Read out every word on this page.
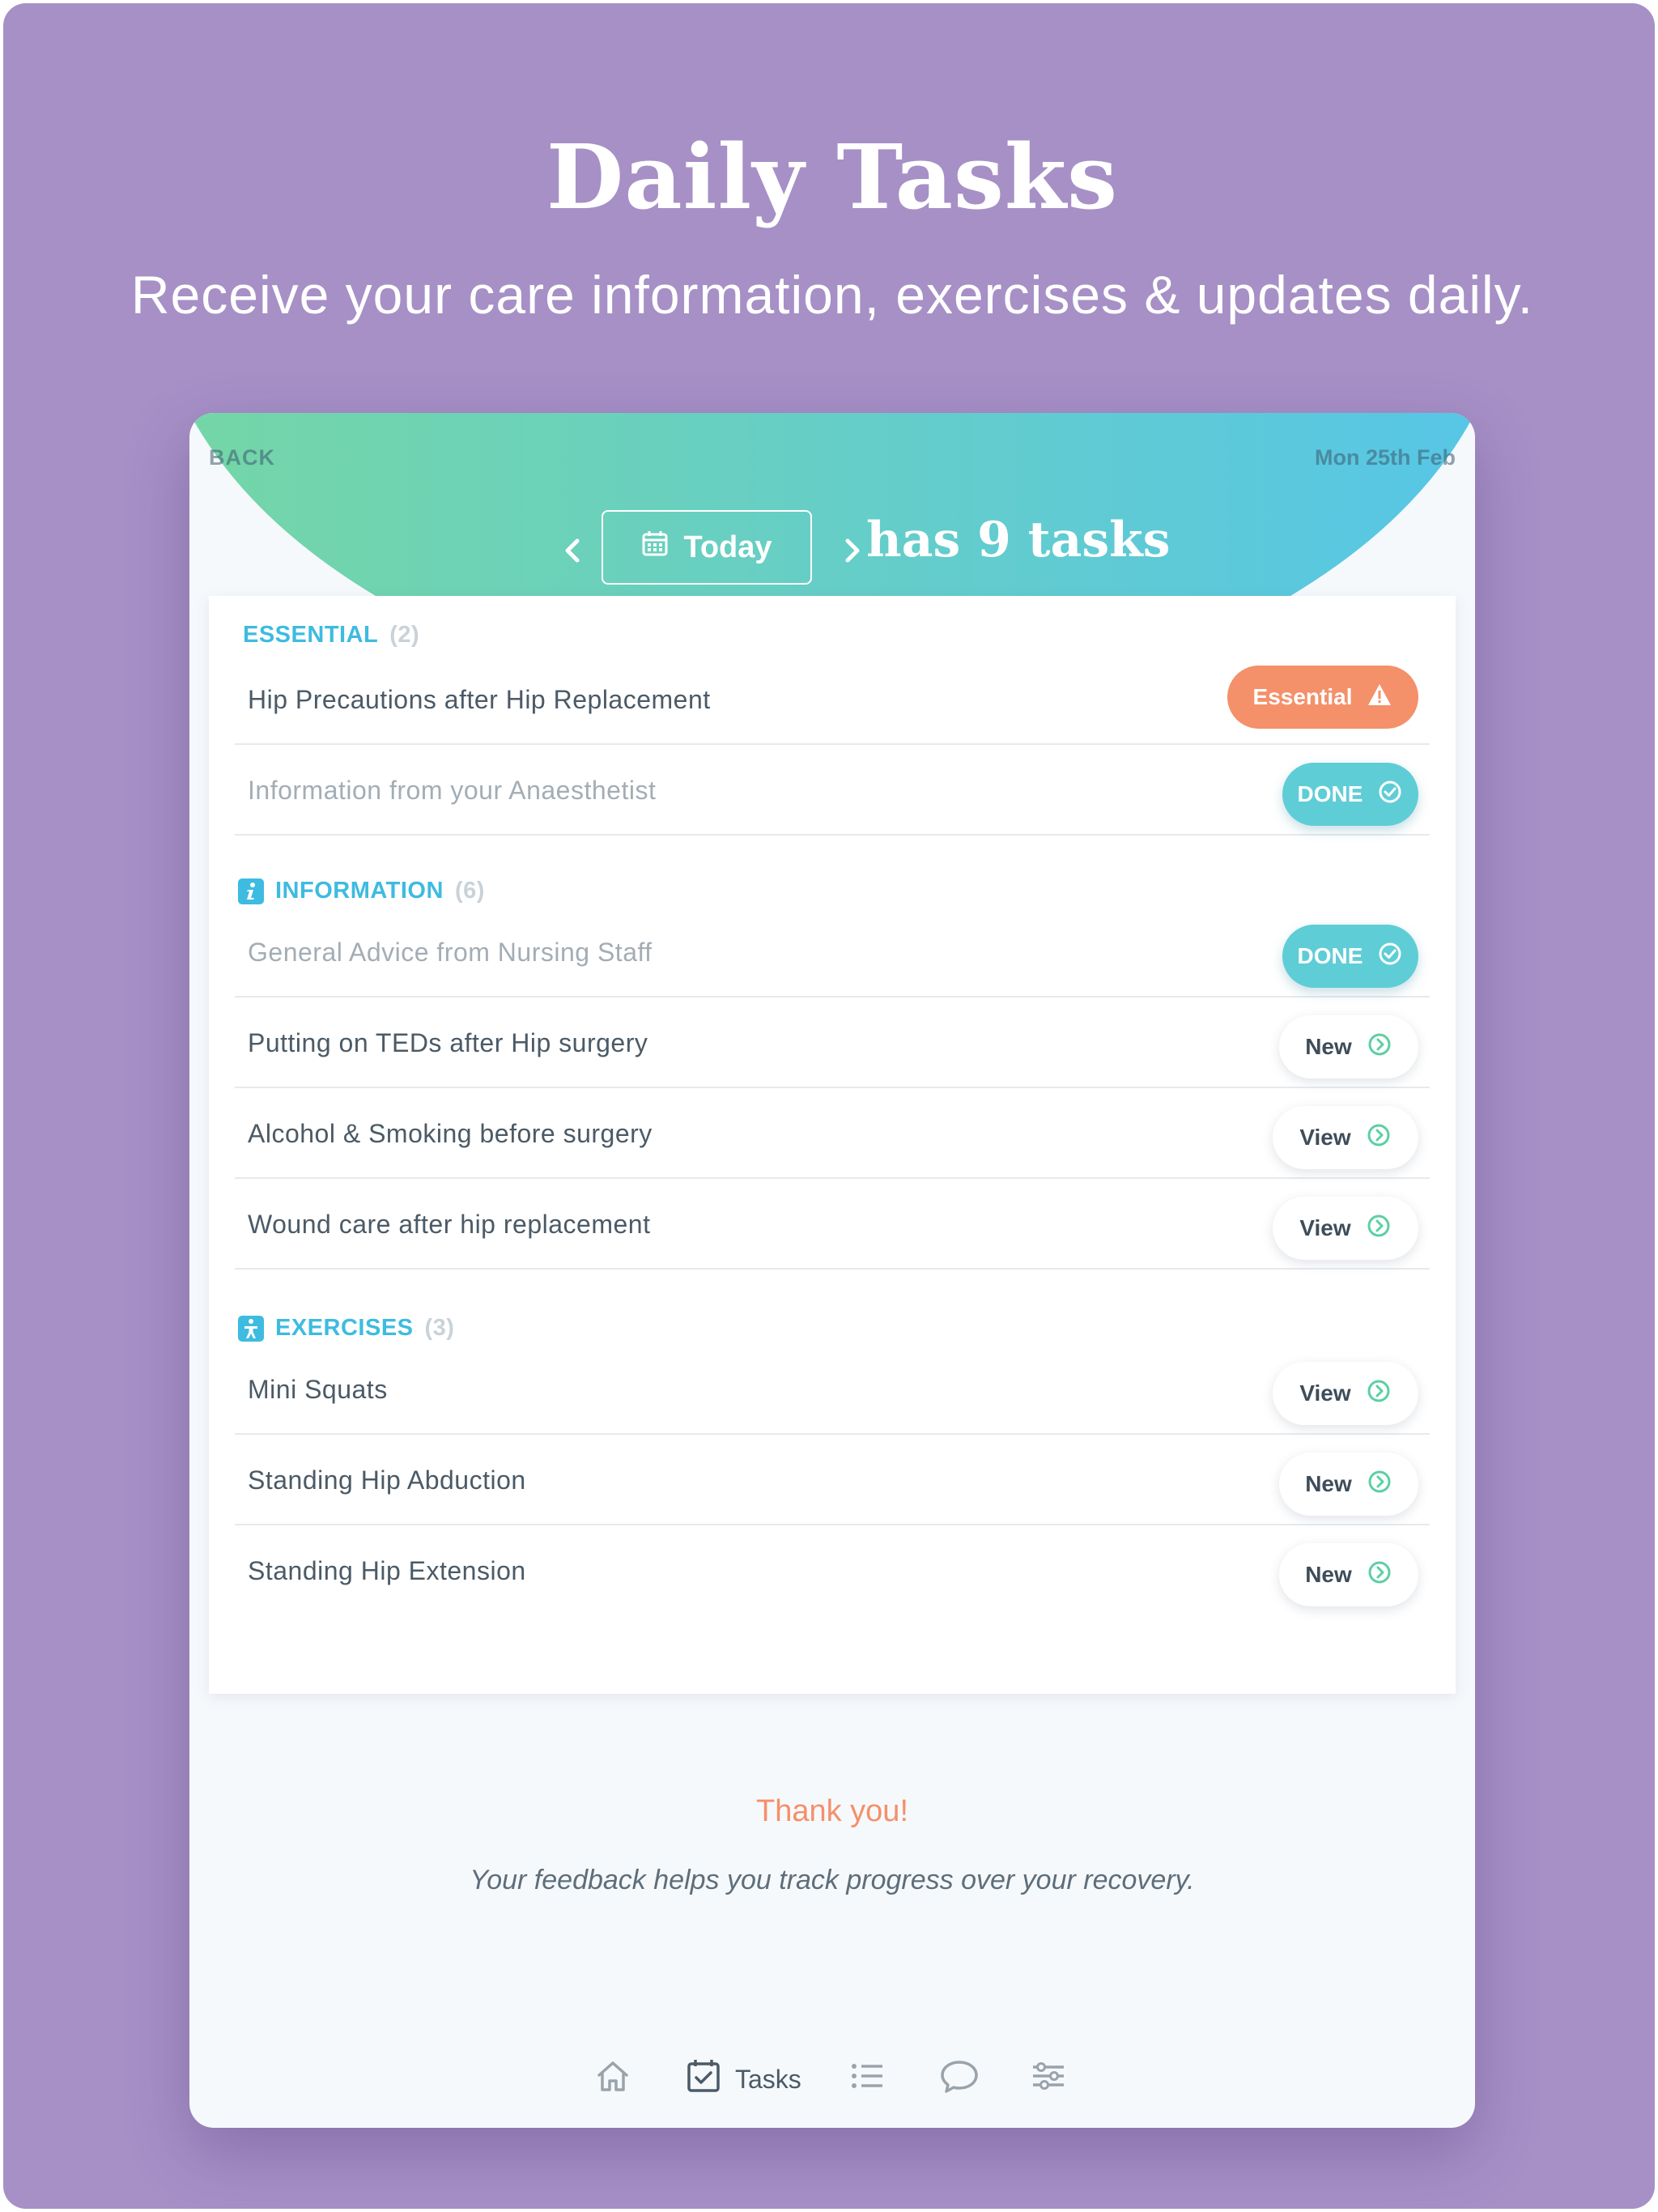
Daily Tasks
Receive your care information, exercises & updates daily.
BACK	Mon 25th Feb
Today has 9 tasks
ESSENTIAL (2)
Hip Precautions after Hip Replacement	Essential
Information from your Anaesthetist	DONE
INFORMATION (6)
General Advice from Nursing Staff	DONE
Putting on TEDs after Hip surgery	New
Alcohol & Smoking before surgery	View
Wound care after hip replacement	View
EXERCISES (3)
Mini Squats	View
Standing Hip Abduction	New
Standing Hip Extension	New
Thank you!
Your feedback helps you track progress over your recovery.
Tasks
